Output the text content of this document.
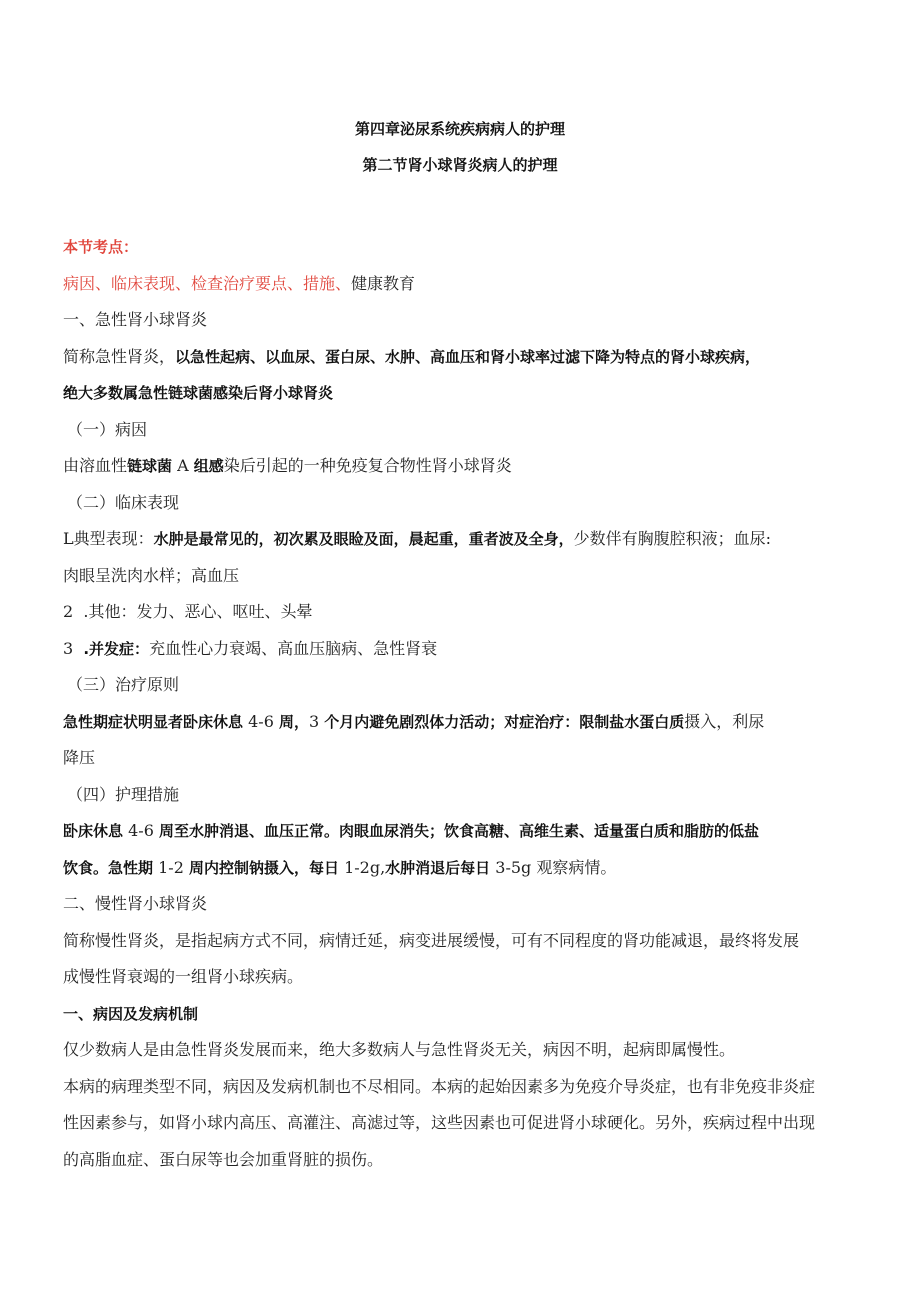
第四章泌尿系统疾病病人的护理
第二节肾小球肾炎病人的护理
本节考点：
病因、临床表现、检查治疗要点、措施、健康教育
一、急性肾小球肾炎
简称急性肾炎，以急性起病、以血尿、蛋白尿、水肿、高血压和肾小球率过滤下降为特点的肾小球疾病，
绝大多数属急性链球菌感染后肾小球肾炎
（一）病因
由溶血性链球菌 A 组感染后引起的一种免疫复合物性肾小球肾炎
（二）临床表现
L典型表现：水肿是最常见的，初次累及眼睑及面，晨起重，重者波及全身，少数伴有胸腹腔积液；血尿:
肉眼呈洗肉水样；高血压
2 .其他：发力、恶心、呕吐、头晕
3 .并发症：充血性心力衰竭、高血压脑病、急性肾衰
（三）治疗原则
急性期症状明显者卧床休息 4-6 周，3 个月内避免剧烈体力活动；对症治疗：限制盐水蛋白质摄入，利尿
降压
（四）护理措施
卧床休息 4-6 周至水肿消退、血压正常。肉眼血尿消失；饮食高糖、高维生素、适量蛋白质和脂肪的低盐
饮食。急性期 1-2 周内控制钠摄入，每日 1-2g,水肿消退后每日 3-5g 观察病情。
二、慢性肾小球肾炎
简称慢性肾炎，是指起病方式不同，病情迁延，病变进展缓慢，可有不同程度的肾功能减退，最终将发展
成慢性肾衰竭的一组肾小球疾病。
一、病因及发病机制
仅少数病人是由急性肾炎发展而来，绝大多数病人与急性肾炎无关，病因不明，起病即属慢性。
本病的病理类型不同，病因及发病机制也不尽相同。本病的起始因素多为免疫介导炎症，也有非免疫非炎症
性因素参与，如肾小球内高压、高灌注、高滤过等，这些因素也可促进肾小球硬化。另外，疾病过程中出现
的高脂血症、蛋白尿等也会加重肾脏的损伤。
